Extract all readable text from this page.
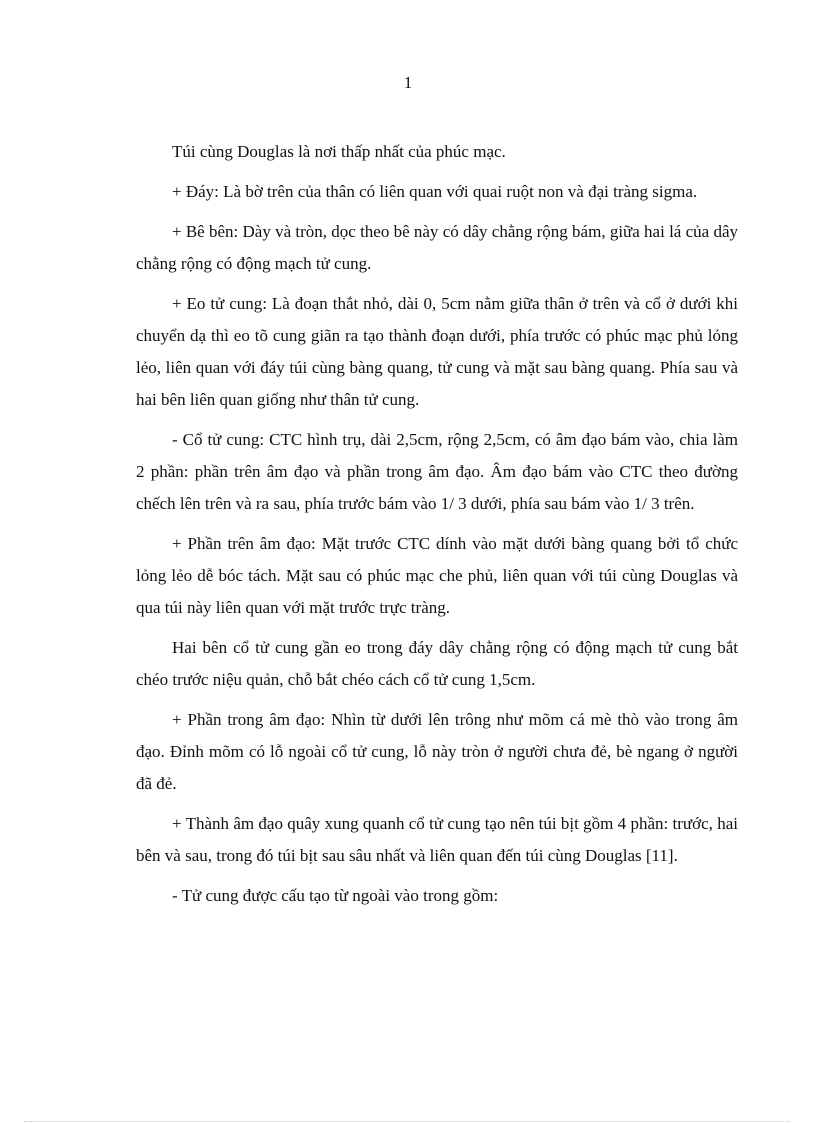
1

Túi cùng Douglas là nơi thấp nhất của phúc mạc.

+ Đáy: Là bờ trên của thân có liên quan với quai ruột non và đại tràng sigma.

+ Bê bên: Dày và tròn, dọc theo bê này có dây chằng rộng bám, giữa hai lá của dây chằng rộng có động mạch tử cung.

+ Eo tử cung: Là đoạn thắt nhỏ, dài 0, 5cm nằm giữa thân ở trên và cổ ở dưới khi chuyển dạ thì eo tõ cung giãn ra tạo thành đoạn dưới, phía trước có phúc mạc phủ lỏng lẻo, liên quan với đáy túi cùng bàng quang, tử cung và mặt sau bàng quang. Phía sau và hai bên liên quan giống như thân tử cung.

- Cổ tử cung: CTC hình trụ, dài 2,5cm, rộng 2,5cm, có âm đạo bám vào, chia làm 2 phần: phần trên âm đạo và phần trong âm đạo. Âm đạo bám vào CTC theo đường chếch lên trên và ra sau, phía trước bám vào 1/ 3 dưới, phía sau bám vào 1/ 3 trên.

+ Phần trên âm đạo: Mặt trước CTC dính vào mặt dưới bàng quang bởi tổ chức lỏng lẻo dễ bóc tách. Mặt sau có phúc mạc che phủ, liên quan với túi cùng Douglas và qua túi này liên quan với mặt trước trực tràng.

Hai bên cổ tử cung gần eo trong đáy dây chằng rộng có động mạch tử cung bắt chéo trước niệu quản, chỗ bắt chéo cách cổ tử cung 1,5cm.

+ Phần trong âm đạo: Nhìn từ dưới lên trông như mõm cá mè thò vào trong âm đạo. Đỉnh mõm có lỗ ngoài cổ tử cung, lỗ này tròn ở người chưa đẻ, bè ngang ở người đã đẻ.

+ Thành âm đạo quây xung quanh cổ tử cung tạo nên túi bịt gồm 4 phần: trước, hai bên và sau, trong đó túi bịt sau sâu nhất và liên quan đến túi cùng Douglas [11].

- Tử cung được cấu tạo từ ngoài vào trong gồm:
